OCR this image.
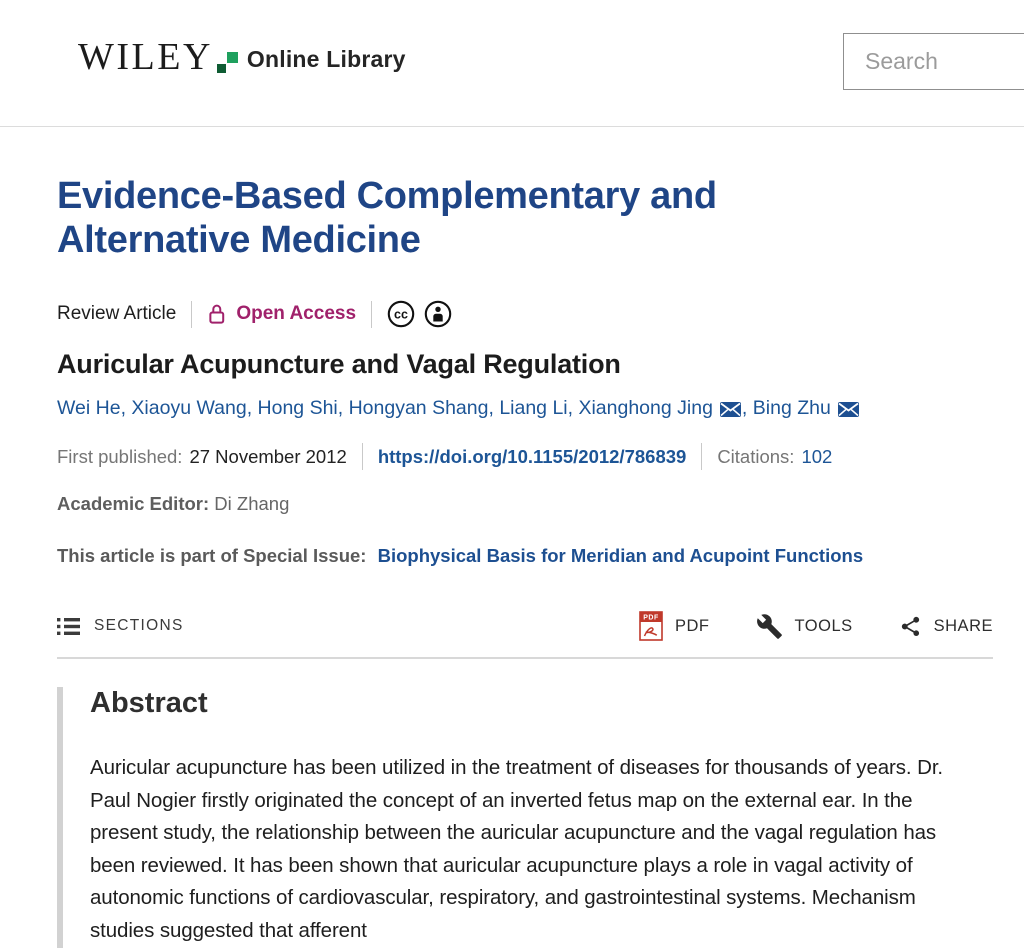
WILEY Online Library
Search
Evidence-Based Complementary and Alternative Medicine
Review Article	Open Access	cc
Auricular Acupuncture and Vagal Regulation
Wei He , Xiaoyu Wang , Hong Shi , Hongyan Shang , Liang Li , Xianghong Jing , Bing Zhu
First published: 27 November 2012 https://doi.org/10.1155/2012/786839 Citations: 102
Academic Editor: Di Zhang
This article is part of Special Issue: Biophysical Basis for Meridian and Acupoint Functions
SECTIONS	PDF PDF	TOOLS	SHARE
Abstract

Auricular acupuncture has been utilized in the treatment of diseases for thousands of years. Dr. Paul Nogier firstly originated the concept of an inverted fetus map on the external ear. In the present study, the relationship between the auricular acupuncture and the vagal regulation has been reviewed. It has been shown that auricular acupuncture plays a role in vagal activity of autonomic functions of cardiovascular, respiratory, and gastrointestinal systems. Mechanism studies suggested that afferent
